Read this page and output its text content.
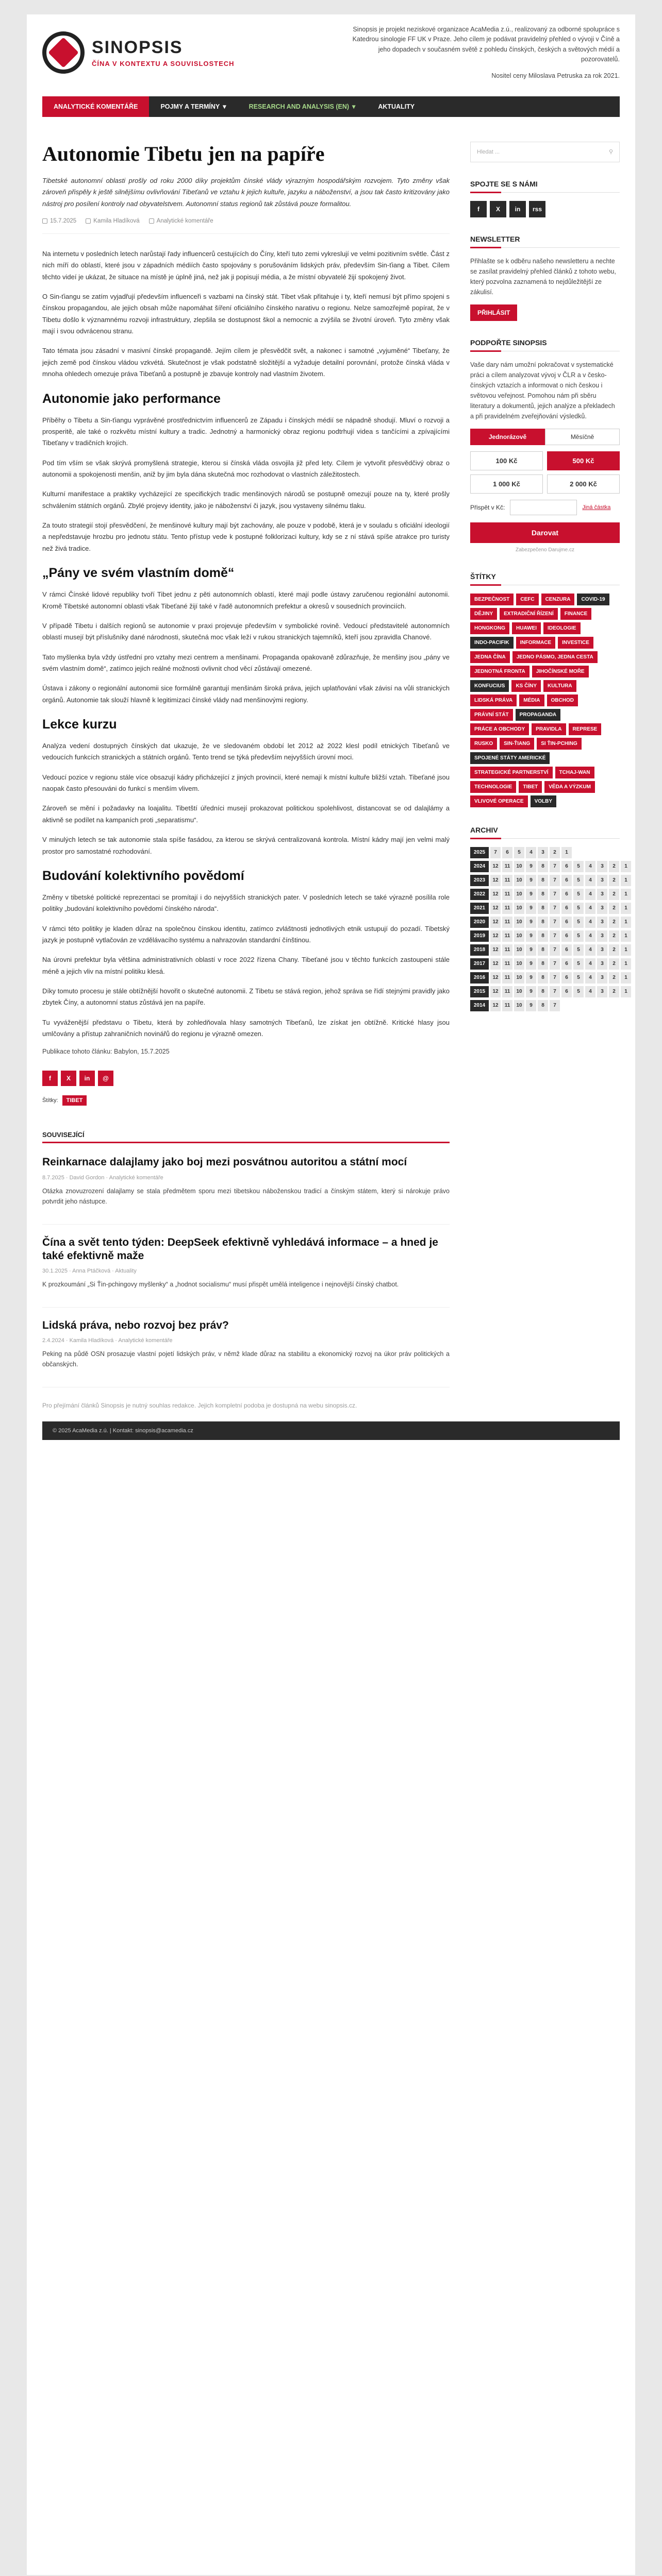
SINOPSIS
ČÍNA V KONTEXTU A SOUVISLOSTECH
Sinopsis je projekt neziskové organizace AcaMedia z.ú., realizovaný za odborné spolupráce s Katedrou sinologie FF UK v Praze. Jeho cílem je podávat pravidelný přehled o vývoji v Číně a jeho dopadech v současném světě z pohledu čínských, českých a světových médií a pozorovatelů.
Nositel ceny Miloslava Petruska za rok 2021.
ANALYTICKÉ KOMENTÁŘE	POJMY A TERMÍNY ▾	RESEARCH AND ANALYSIS (EN) ▾	AKTUALITY
Autonomie Tibetu jen na papíře

Tibetské autonomní oblasti prošly od roku 2000 díky projektům čínské vlády výrazným hospodářským rozvojem. Tyto změny však zároveň přispěly k ještě silnějšímu ovlivňování Tibeťanů ve vztahu k jejich kultuře, jazyku a náboženství, a jsou tak často kritizovány jako nástroj pro posílení kontroly nad obyvatelstvem. Autonomní status regionů tak zůstává pouze formalitou.

15.7.2025	Kamila Hladíková	Analytické komentáře

Na internetu v posledních letech narůstají řady influencerů cestujících do Číny, kteří tuto zemi vykreslují ve velmi pozitivním světle. Část z nich míří do oblastí, které jsou v západních médiích často spojovány s porušováním lidských práv, především Sin-ťiang a Tibet. Cílem těchto videí je ukázat, že situace na místě je úplně jiná, než jak ji popisují média, a že místní obyvatelé žijí spokojený život.

O Sin-ťiangu se zatím vyjadřují především influenceři s vazbami na čínský stát. Tibet však přitahuje i ty, kteří nemusí být přímo spojeni s čínskou propagandou, ale jejich obsah může napomáhat šíření oficiálního čínského narativu o regionu. Nelze samozřejmě popírat, že v Tibetu došlo k významnému rozvoji infrastruktury, zlepšila se dostupnost škol a nemocnic a zvýšila se životní úroveň. Tyto změny však mají i svou odvrácenou stranu.

Tato témata jsou zásadní v masivní čínské propagandě. Jejím cílem je přesvědčit svět, a nakonec i samotné „vyjuměné“ Tibeťany, že jejich země pod čínskou vládou vzkvétá. Skutečnost je však podstatně složitější a vyžaduje detailní porovnání, protože čínská vláda v mnoha ohledech omezuje práva Tibeťanů a postupně je zbavuje kontroly nad vlastním životem.

Autonomie jako performance

Příběhy o Tibetu a Sin-ťiangu vyprávěné prostřednictvím influencerů ze Západu i čínských médií se nápadně shodují. Mluví o rozvoji a prosperitě, ale také o rozkvětu místní kultury a tradic. Jednotný a harmonický obraz regionu podtrhují videa s tančícími a zpívajícími Tibeťany v tradičních krojích.

Pod tím vším se však skrývá promyšlená strategie, kterou si čínská vláda osvojila již před lety. Cílem je vytvořit přesvědčivý obraz o autonomii a spokojenosti menšin, aniž by jim byla dána skutečná moc rozhodovat o vlastních záležitostech.

Kulturní manifestace a praktiky vycházející ze specifických tradic menšinových národů se postupně omezují pouze na ty, které prošly schválením státních orgánů. Zbylé projevy identity, jako je náboženství či jazyk, jsou vystaveny silnému tlaku.

Za touto strategií stojí přesvědčení, že menšinové kultury mají být zachovány, ale pouze v podobě, která je v souladu s oficiální ideologií a nepředstavuje hrozbu pro jednotu státu. Tento přístup vede k postupné folklorizaci kultury, kdy se z ní stává spíše atrakce pro turisty než živá tradice.

„Pány ve svém vlastním domě“

V rámci Čínské lidové republiky tvoří Tibet jednu z pěti autonomních oblastí, které mají podle ústavy zaručenou regionální autonomii. Kromě Tibetské autonomní oblasti však Tibeťané žijí také v řadě autonomních prefektur a okresů v sousedních provinciích.

V případě Tibetu i dalších regionů se autonomie v praxi projevuje především v symbolické rovině. Vedoucí představitelé autonomních oblastí musejí být příslušníky dané národnosti, skutečná moc však leží v rukou stranických tajemníků, kteří jsou zpravidla Chanové.

Tato myšlenka byla vždy ústřední pro vztahy mezi centrem a menšinami. Propaganda opakovaně zdůrazňuje, že menšiny jsou „pány ve svém vlastním domě“, zatímco jejich reálné možnosti ovlivnit chod věcí zůstávají omezené.

Ústava i zákony o regionální autonomii sice formálně garantují menšinám široká práva, jejich uplatňování však závisí na vůli stranických orgánů. Autonomie tak slouží hlavně k legitimizaci čínské vlády nad menšinovými regiony.

Lekce kurzu

Analýza vedení dostupných čínských dat ukazuje, že ve sledovaném období let 2012 až 2022 klesl podíl etnických Tibeťanů ve vedoucích funkcích stranických a státních orgánů. Tento trend se týká především nejvyšších úrovní moci.

Vedoucí pozice v regionu stále více obsazují kádry přicházející z jiných provincií, které nemají k místní kultuře bližší vztah. Tibeťané jsou naopak často přesouváni do funkcí s menším vlivem.

Zároveň se mění i požadavky na loajalitu. Tibetští úředníci musejí prokazovat politickou spolehlivost, distancovat se od dalajlámy a aktivně se podílet na kampaních proti „separatismu“.

V minulých letech se tak autonomie stala spíše fasádou, za kterou se skrývá centralizovaná kontrola. Místní kádry mají jen velmi malý prostor pro samostatné rozhodování.

Budování kolektivního povědomí

Změny v tibetské politické reprezentaci se promítají i do nejvyšších stranických pater. V posledních letech se také výrazně posílila role politiky „budování kolektivního povědomí čínského národa“.

V rámci této politiky je kladen důraz na společnou čínskou identitu, zatímco zvláštnosti jednotlivých etnik ustupují do pozadí. Tibetský jazyk je postupně vytlačován ze vzdělávacího systému a nahrazován standardní čínštinou.

Na úrovni prefektur byla většina administrativních oblastí v roce 2022 řízena Chany. Tibeťané jsou v těchto funkcích zastoupeni stále méně a jejich vliv na místní politiku klesá.

Díky tomuto procesu je stále obtížnější hovořit o skutečné autonomii. Z Tibetu se stává region, jehož správa se řídí stejnými pravidly jako zbytek Číny, a autonomní status zůstává jen na papíře.

Tu vyváženější představu o Tibetu, která by zohledňovala hlasy samotných Tibeťanů, lze získat jen obtížně. Kritické hlasy jsou umlčovány a přístup zahraničních novinářů do regionu je výrazně omezen.

Publikace tohoto článku: Babylon, 15.7.2025
f	X	in	@
Štítky:	TIBET
SOUVISEJÍCÍ
Reinkarnace dalajlamy jako boj mezi posvátnou autoritou a státní mocí
8.7.2025 · David Gordon · Analytické komentáře

Otázka znovuzrození dalajlamy se stala předmětem sporu mezi tibetskou náboženskou tradicí a čínským státem, který si nárokuje právo potvrdit jeho nástupce.

Čína a svět tento týden: DeepSeek efektivně vyhledává informace – a hned je také efektivně maže
30.1.2025 · Anna Ptáčková · Aktuality

K prozkoumání „Si Ťin-pchingovy myšlenky“ a „hodnot socialismu“ musí přispět umělá inteligence i nejnovější čínský chatbot.

Lidská práva, nebo rozvoj bez práv?
2.4.2024 · Kamila Hladíková · Analytické komentáře

Peking na půdě OSN prosazuje vlastní pojetí lidských práv, v němž klade důraz na stabilitu a ekonomický rozvoj na úkor práv politických a občanských.

Pro přejímání článků Sinopsis je nutný souhlas redakce. Jejich kompletní podoba je dostupná na webu sinopsis.cz.
Hledat ...	⚲
SPOJTE SE S NÁMI
f	X	in	rss
NEWSLETTER

Přihlašte se k odběru našeho newsletteru a nechte se zasílat pravidelný přehled článků z tohoto webu, který pozvolna zaznamená to nejdůležitější ze zákulisí.

PŘIHLÁSIT
PODPOŘTE SINOPSIS

Vaše dary nám umožní pokračovat v systematické práci a cílem analyzovat vývoj v ČLR a v česko-čínských vztazích a informovat o nich českou i světovou veřejnost. Pomohou nám při sběru literatury a dokumentů, jejich analýze a překladech a při pravidelném zveřejňování výsledků.

Jednorázově	Měsíčně
100 Kč	500 Kč
1 000 Kč	2 000 Kč
Přispět v Kč:	Jiná částka
Darovat
Zabezpečeno Darujme.cz
ŠTÍTKY
BEZPEČNOST	CEFC	CENZURA	COVID-19
DĚJINY	EXTRADIČNÍ ŘÍZENÍ	FINANCE
HONGKONG	HUAWEI	IDEOLOGIE
INDO-PACIFIK	INFORMACE	INVESTICE
JEDNA ČÍNA	JEDNO PÁSMO, JEDNA CESTA
JEDNOTNÁ FRONTA	JIHOČÍNSKÉ MOŘE
KONFUCIUS	KS ČÍNY	KULTURA
LIDSKÁ PRÁVA	MÉDIA	OBCHOD
PRÁVNÍ STÁT	PROPAGANDA
PRÁCE A OBCHODY	PRAVIDLA	REPRESE
RUSKO	SIN-ŤIANG	SI ŤIN-PCHING
SPOJENÉ STÁTY AMERICKÉ
STRATEGICKÉ PARTNERSTVÍ	TCHAJ-WAN
TECHNOLOGIE	TIBET	VĚDA A VÝZKUM
VLIVOVÉ OPERACE	VOLBY
ARCHIV
2025	7	6	5	4	3	2	1
2024	12	11	10	9	8	7	6	5	4	3	2	1
2023	12	11	10	9	8	7	6	5	4	3	2	1
2022	12	11	10	9	8	7	6	5	4	3	2	1
2021	12	11	10	9	8	7	6	5	4	3	2	1
2020	12	11	10	9	8	7	6	5	4	3	2	1
2019	12	11	10	9	8	7	6	5	4	3	2	1
2018	12	11	10	9	8	7	6	5	4	3	2	1
2017	12	11	10	9	8	7	6	5	4	3	2	1
2016	12	11	10	9	8	7	6	5	4	3	2	1
2015	12	11	10	9	8	7	6	5	4	3	2	1
2014	12	11	10	9	8	7
© 2025 AcaMedia z.ú. | Kontakt: sinopsis@acamedia.cz
